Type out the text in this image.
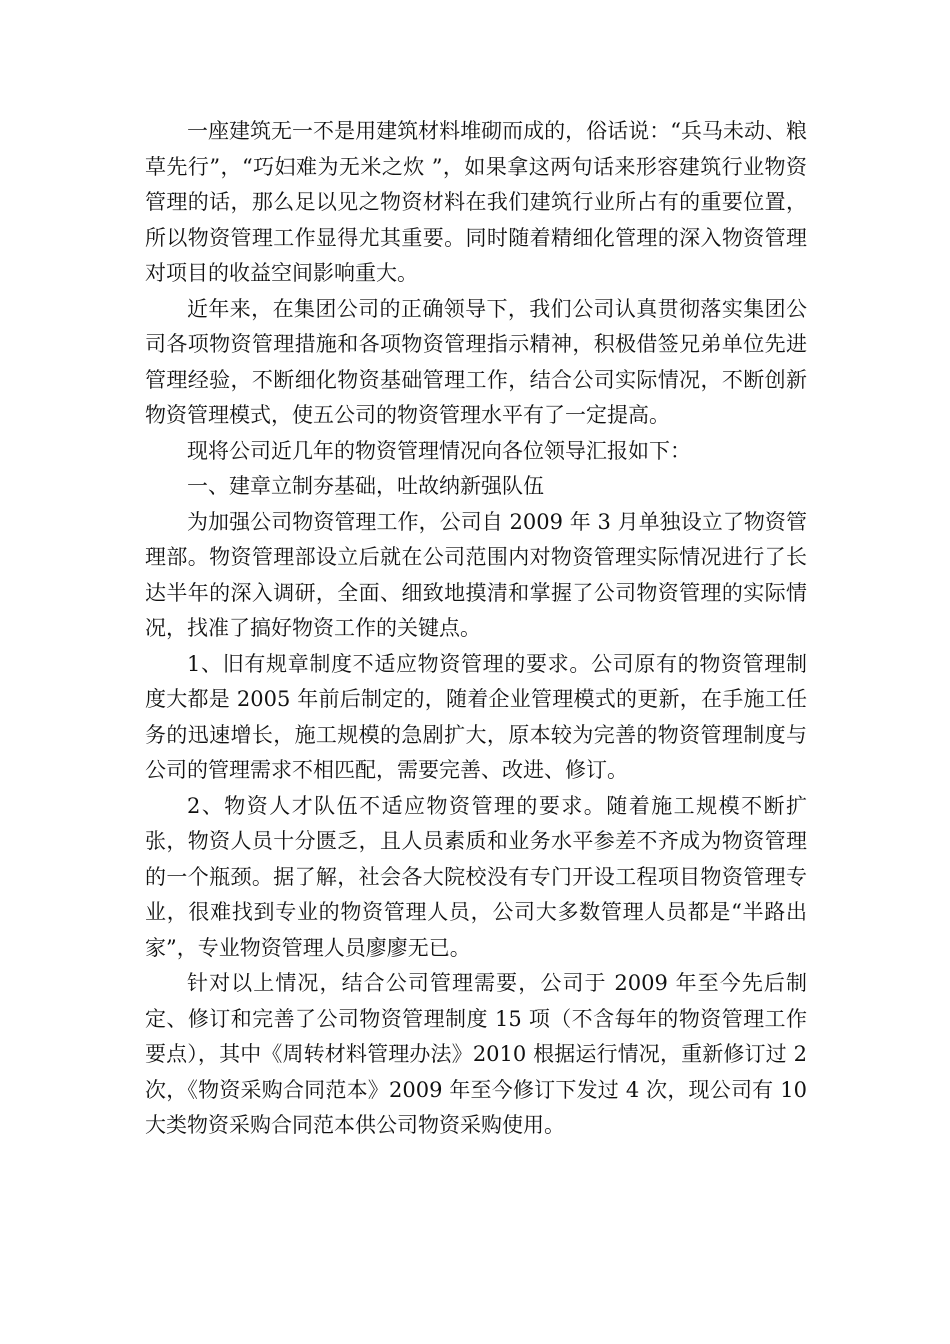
一座建筑无一不是用建筑材料堆砌而成的，俗话说：“兵马未动、粮草先行”，“巧妇难为无米之炊 ”，如果拿这两句话来形容建筑行业物资管理的话，那么足以见之物资材料在我们建筑行业所占有的重要位置，所以物资管理工作显得尤其重要。同时随着精细化管理的深入物资管理对项目的收益空间影响重大。

近年来，在集团公司的正确领导下，我们公司认真贯彻落实集团公司各项物资管理措施和各项物资管理指示精神，积极借签兄弟单位先进管理经验，不断细化物资基础管理工作，结合公司实际情况，不断创新物资管理模式，使五公司的物资管理水平有了一定提高。

现将公司近几年的物资管理情况向各位领导汇报如下：

一、建章立制夯基础，吐故纳新强队伍

为加强公司物资管理工作，公司自 2009 年 3 月单独设立了物资管理部。物资管理部设立后就在公司范围内对物资管理实际情况进行了长达半年的深入调研，全面、细致地摸清和掌握了公司物资管理的实际情况，找准了搞好物资工作的关键点。

1、旧有规章制度不适应物资管理的要求。公司原有的物资管理制度大都是 2005 年前后制定的，随着企业管理模式的更新，在手施工任务的迅速增长，施工规模的急剧扩大，原本较为完善的物资管理制度与公司的管理需求不相匹配，需要完善、改进、修订。

2、物资人才队伍不适应物资管理的要求。随着施工规模不断扩张，物资人员十分匮乏，且人员素质和业务水平参差不齐成为物资管理的一个瓶颈。据了解，社会各大院校没有专门开设工程项目物资管理专业，很难找到专业的物资管理人员，公司大多数管理人员都是“半路出家”，专业物资管理人员廖廖无已。

针对以上情况，结合公司管理需要，公司于 2009 年至今先后制定、修订和完善了公司物资管理制度 15 项（不含每年的物资管理工作要点），其中《周转材料管理办法》2010 根据运行情况，重新修订过 2 次，《物资采购合同范本》2009 年至今修订下发过 4 次，现公司有 10 大类物资采购合同范本供公司物资采购使用。
